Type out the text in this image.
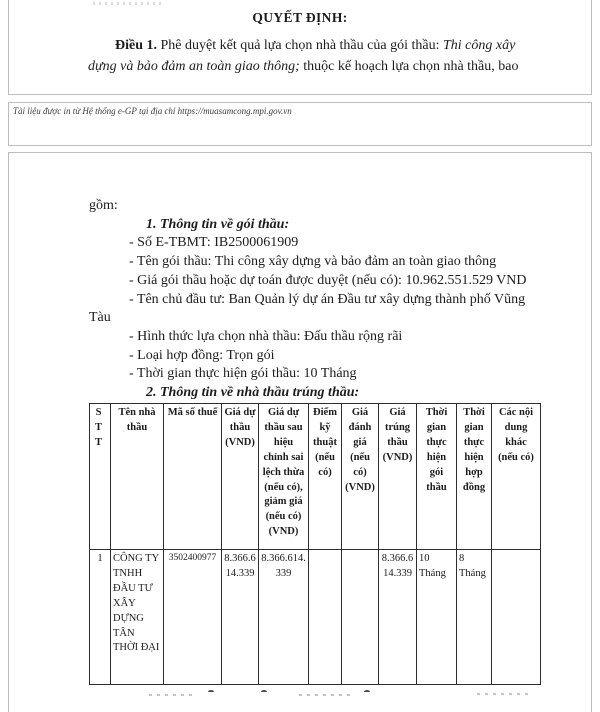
QUYẾT ĐỊNH:

Điều 1. Phê duyệt kết quả lựa chọn nhà thầu của gói thầu: Thi công xây dựng và bảo đảm an toàn giao thông; thuộc kế hoạch lựa chọn nhà thầu, bao

Tài liệu được in từ Hệ thống e-GP tại địa chỉ https://muasamcong.mpi.gov.vn
gồm:
1. Thông tin về gói thầu:
- Số E-TBMT: IB2500061909
- Tên gói thầu: Thi công xây dựng và bảo đảm an toàn giao thông
- Giá gói thầu hoặc dự toán được duyệt (nếu có): 10.962.551.529 VND
- Tên chủ đầu tư: Ban Quản lý dự án Đầu tư xây dựng thành phố Vũng
Tàu
- Hình thức lựa chọn nhà thầu: Đấu thầu rộng rãi
- Loại hợp đồng: Trọn gói
- Thời gian thực hiện gói thầu: 10 Tháng
2. Thông tin về nhà thầu trúng thầu:
STT	Tên nhà thầu	Mã số thuế	Giá dự thầu (VND)	Giá dự thầu sau hiệu chỉnh sai lệch thừa (nếu có), giảm giá (nếu có) (VND)	Điểm kỹ thuật (nếu có)	Giá đánh giá (nếu có) (VND)	Giá trúng thầu (VND)	Thời gian thực hiện gói thầu	Thời gian thực hiện hợp đồng	Các nội dung khác (nếu có)
1	CÔNG TY TNHH ĐẦU TƯ XÂY DỰNG TÂN THỜI ĐẠI	3502400977	8.366.614.339	8.366.614.339			8.366.614.339	10 Tháng	8 Tháng	
